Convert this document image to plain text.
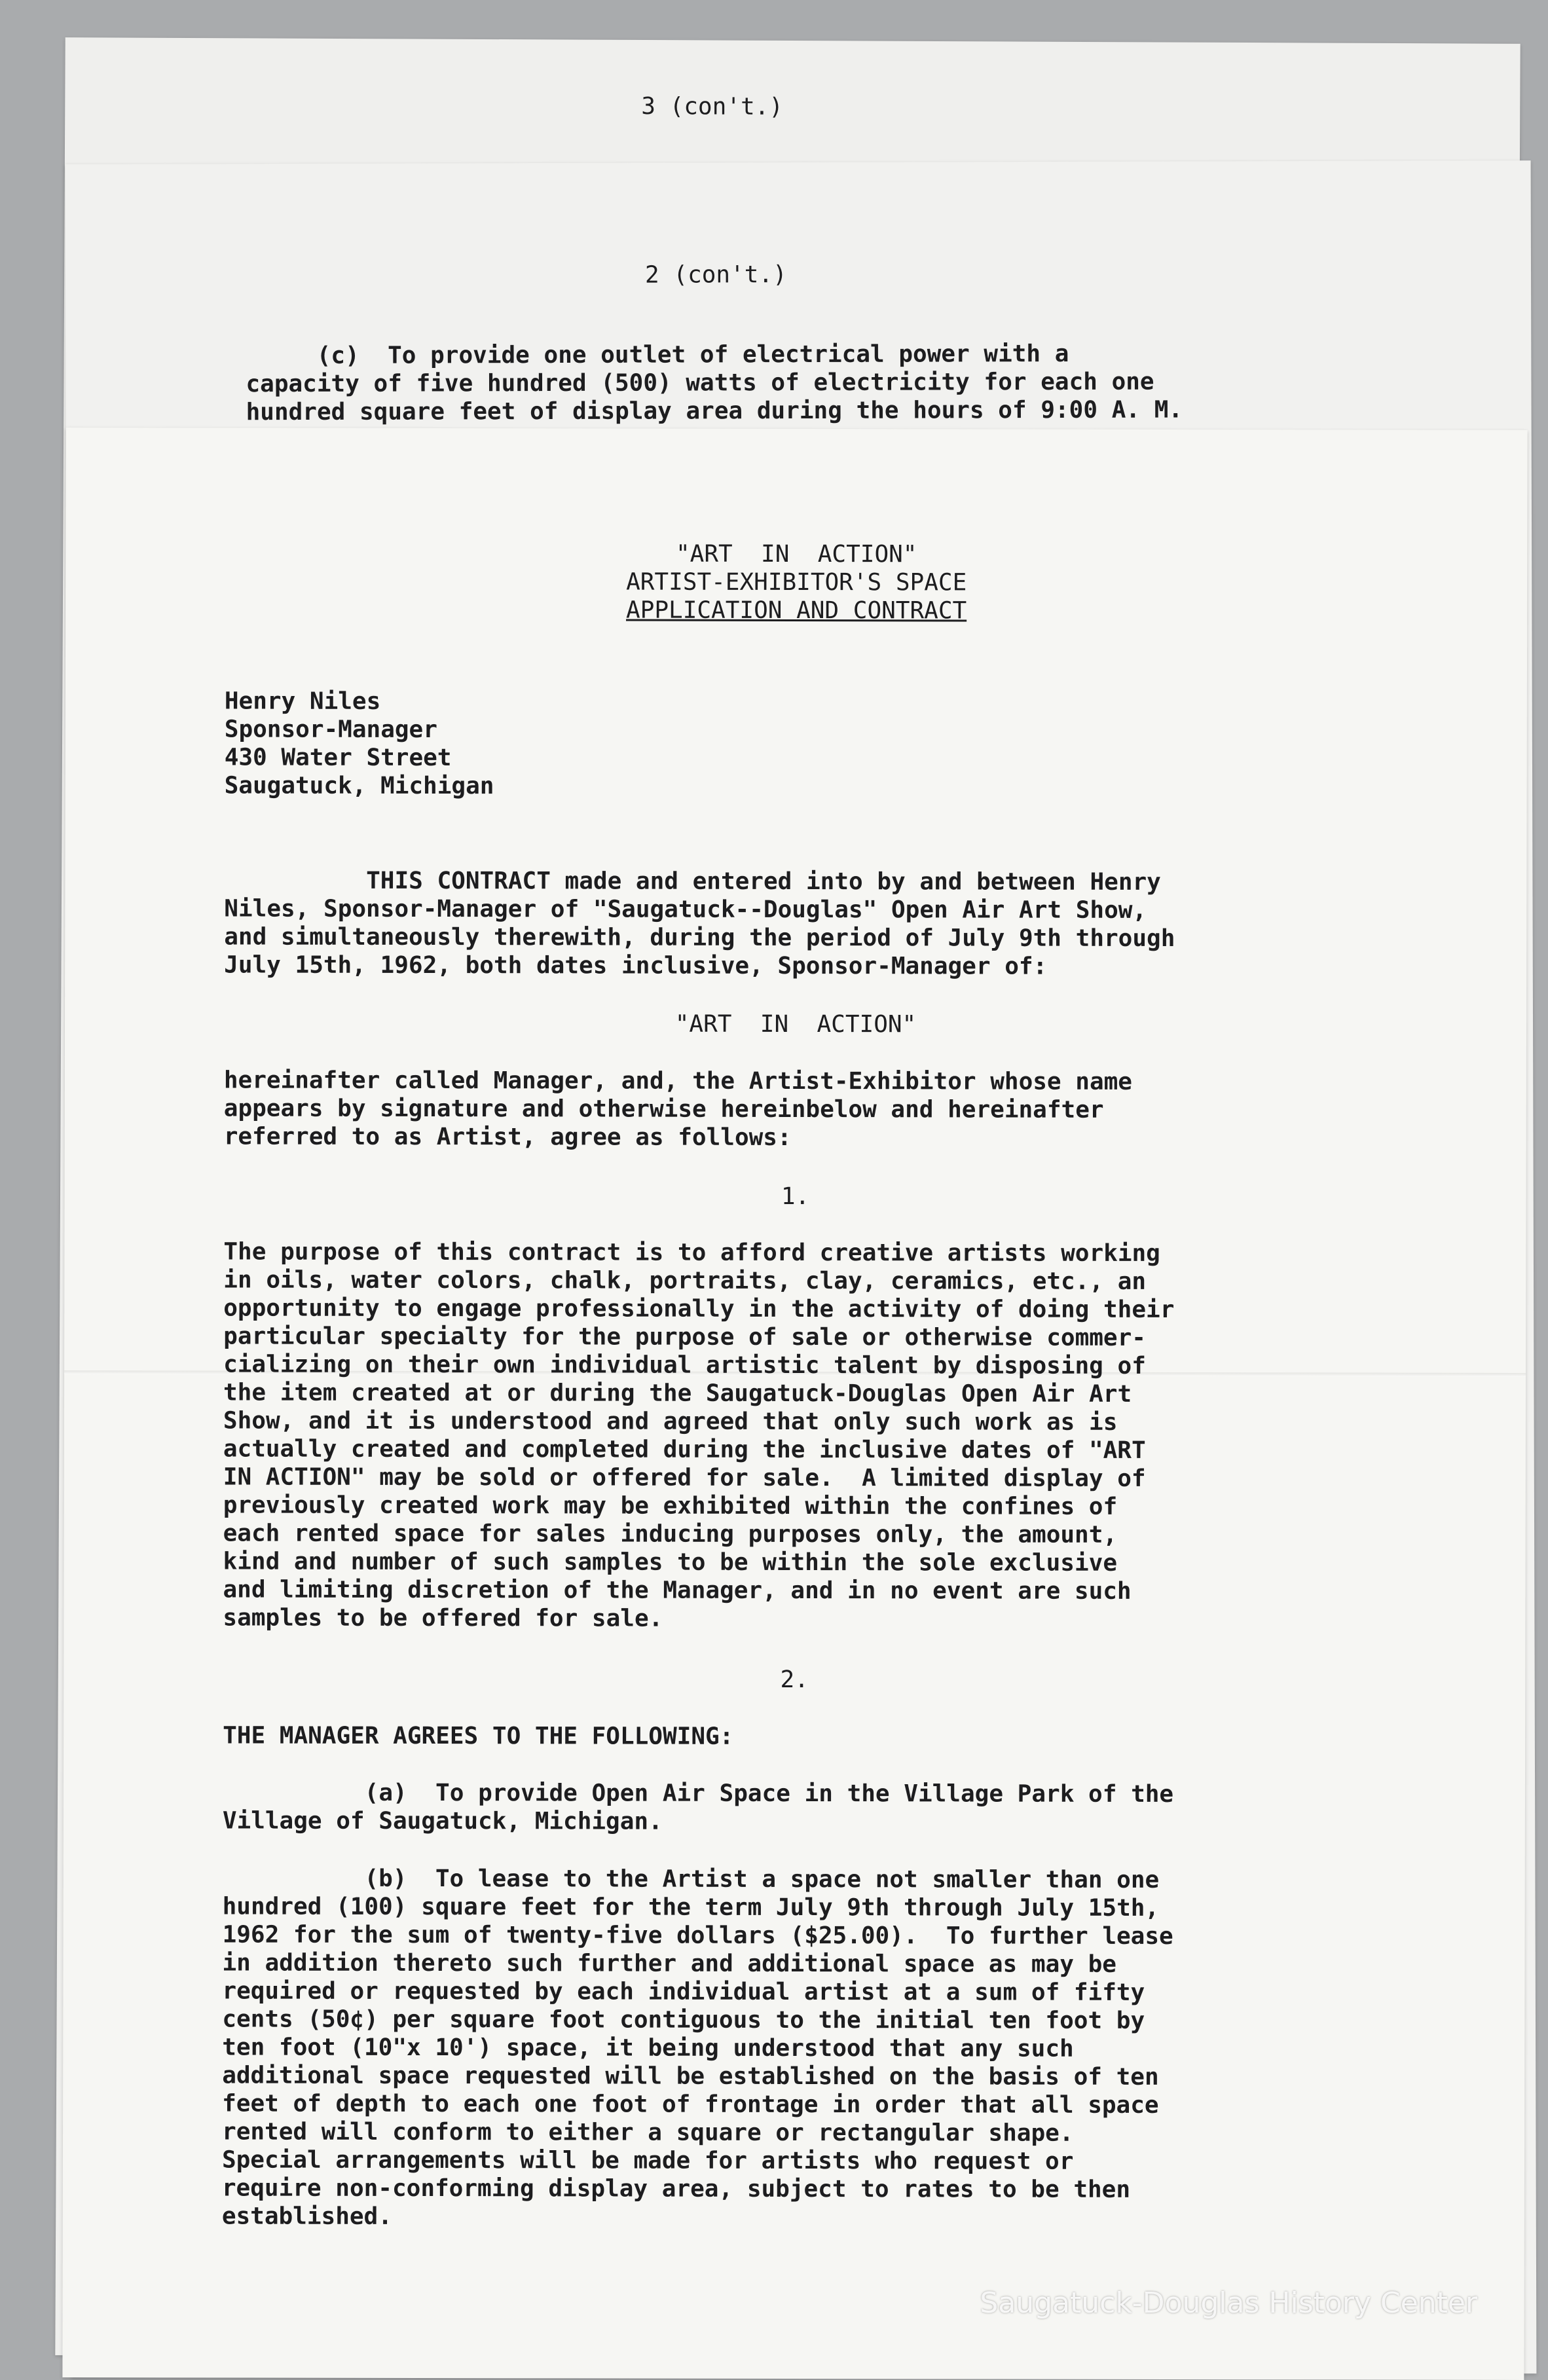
3 (con't.)
2 (con't.)
(c)  To provide one outlet of electrical power with a
capacity of five hundred (500) watts of electricity for each one
hundred square feet of display area during the hours of 9:00 A. M.
"ART  IN  ACTION"
ARTIST-EXHIBITOR'S SPACE
APPLICATION AND CONTRACT
Henry Niles
Sponsor-Manager
430 Water Street
Saugatuck, Michigan
THIS CONTRACT made and entered into by and between Henry
Niles, Sponsor-Manager of "Saugatuck--Douglas" Open Air Art Show,
and simultaneously therewith, during the period of July 9th through
July 15th, 1962, both dates inclusive, Sponsor-Manager of:
"ART  IN  ACTION"
hereinafter called Manager, and, the Artist-Exhibitor whose name
appears by signature and otherwise hereinbelow and hereinafter
referred to as Artist, agree as follows:
1.
The purpose of this contract is to afford creative artists working
in oils, water colors, chalk, portraits, clay, ceramics, etc., an
opportunity to engage professionally in the activity of doing their
particular specialty for the purpose of sale or otherwise commer-
cializing on their own individual artistic talent by disposing of
the item created at or during the Saugatuck-Douglas Open Air Art
Show, and it is understood and agreed that only such work as is
actually created and completed during the inclusive dates of "ART
IN ACTION" may be sold or offered for sale.  A limited display of
previously created work may be exhibited within the confines of
each rented space for sales inducing purposes only, the amount,
kind and number of such samples to be within the sole exclusive
and limiting discretion of the Manager, and in no event are such
samples to be offered for sale.
2.
THE MANAGER AGREES TO THE FOLLOWING:
(a)  To provide Open Air Space in the Village Park of the
Village of Saugatuck, Michigan.
(b)  To lease to the Artist a space not smaller than one
hundred (100) square feet for the term July 9th through July 15th,
1962 for the sum of twenty-five dollars ($25.00).  To further lease
in addition thereto such further and additional space as may be
required or requested by each individual artist at a sum of fifty
cents (50¢) per square foot contiguous to the initial ten foot by
ten foot (10"x 10') space, it being understood that any such
additional space requested will be established on the basis of ten
feet of depth to each one foot of frontage in order that all space
rented will conform to either a square or rectangular shape.
Special arrangements will be made for artists who request or
require non-conforming display area, subject to rates to be then
established.
Saugatuck-Douglas History Center
